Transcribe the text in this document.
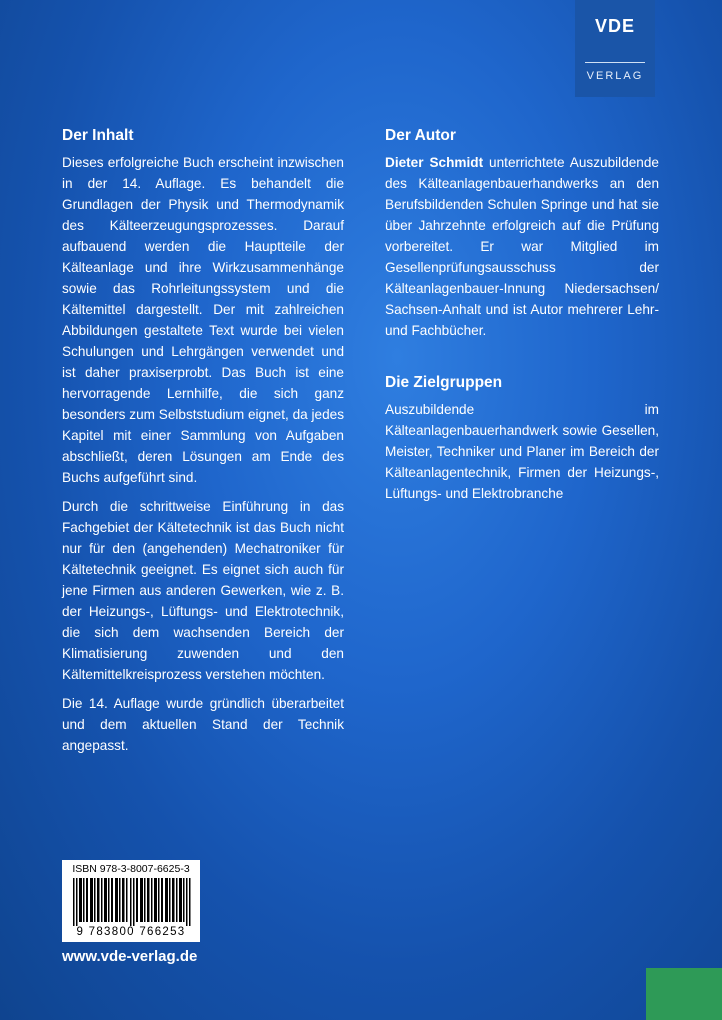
VDE
VERLAG
Der Inhalt

Dieses erfolgreiche Buch erscheint inzwischen in der 14. Auflage. Es behandelt die Grundlagen der Physik und Thermodynamik des Kälteerzeugungsprozesses. Darauf aufbauend werden die Hauptteile der Kälteanlage und ihre Wirkzusammenhänge sowie das Rohrleitungssystem und die Kältemittel dargestellt. Der mit zahlreichen Abbildungen gestaltete Text wurde bei vielen Schulungen und Lehrgängen verwendet und ist daher praxiserprobt. Das Buch ist eine hervorragende Lernhilfe, die sich ganz besonders zum Selbststudium eignet, da jedes Kapitel mit einer Sammlung von Aufgaben abschließt, deren Lösungen am Ende des Buchs aufgeführt sind.

Durch die schrittweise Einführung in das Fachgebiet der Kältetechnik ist das Buch nicht nur für den (angehenden) Mechatroniker für Kältetechnik geeignet. Es eignet sich auch für jene Firmen aus anderen Gewerken, wie z. B. der Heizungs-, Lüftungs- und Elektrotechnik, die sich dem wachsenden Bereich der Klimatisierung zuwenden und den Kältemittelkreisprozess verstehen möchten.

Die 14. Auflage wurde gründlich überarbeitet und dem aktuellen Stand der Technik angepasst.

Der Autor

Dieter Schmidt unterrichtete Auszubildende des Kälteanlagenbauerhandwerks an den Berufsbildenden Schulen Springe und hat sie über Jahrzehnte erfolgreich auf die Prüfung vorbereitet. Er war Mitglied im Gesellenprüfungsausschuss der Kälteanlagenbauer-Innung Niedersachsen/ Sachsen-Anhalt und ist Autor mehrerer Lehr- und Fachbücher.

Die Zielgruppen

Auszubildende im Kälteanlagenbauerhandwerk sowie Gesellen, Meister, Techniker und Planer im Bereich der Kälteanlagentechnik, Firmen der Heizungs-, Lüftungs- und Elektrobranche

ISBN 978-3-8007-6625-3
9 783800 766253
www.vde-verlag.de
